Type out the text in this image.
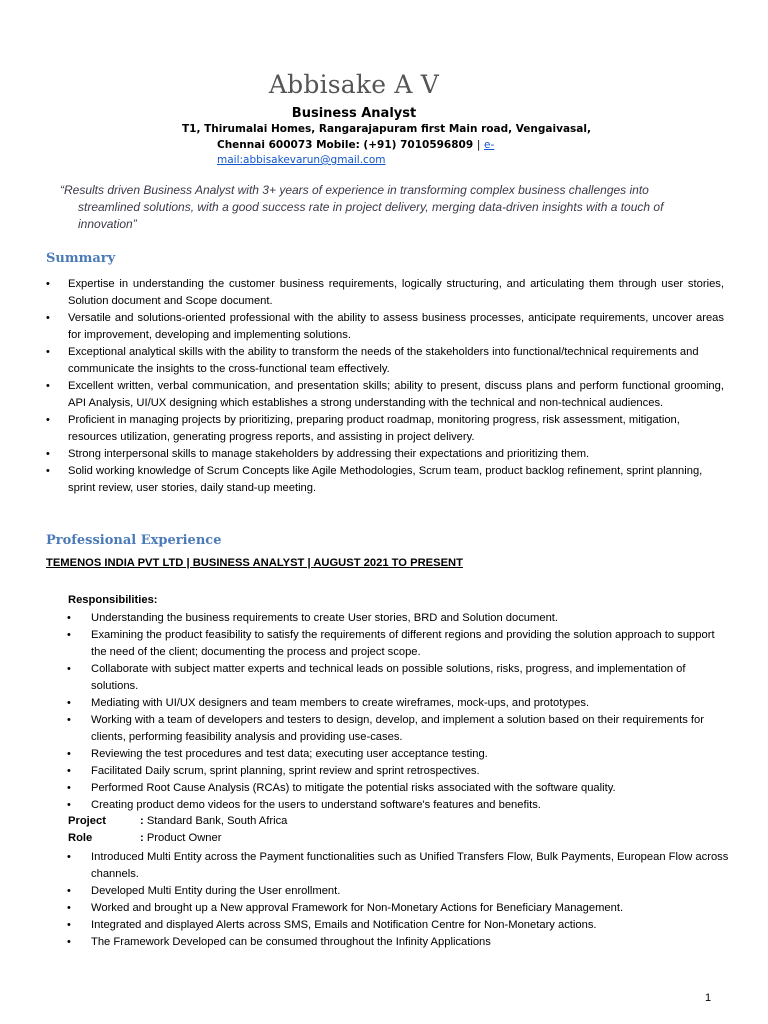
Abbisake A V
Business Analyst
T1, Thirumalai Homes, Rangarajapuram first Main road, Vengaivasal,
Chennai 600073 Mobile: (+91) 7010596809 | e-
mail:abbisakevarun@gmail.com
“Results driven Business Analyst with 3+ years of experience in transforming complex business challenges into
streamlined solutions, with a good success rate in project delivery, merging data-driven insights with a touch of
innovation”
Summary
• Expertise in understanding the customer business requirements, logically structuring, and articulating them through user stories, Solution document and Scope document.
• Versatile and solutions-oriented professional with the ability to assess business processes, anticipate requirements, uncover areas for improvement, developing and implementing solutions.
• Exceptional analytical skills with the ability to transform the needs of the stakeholders into functional/technical requirements and communicate the insights to the cross-functional team effectively.
• Excellent written, verbal communication, and presentation skills; ability to present, discuss plans and perform functional grooming, API Analysis, UI/UX designing which establishes a strong understanding with the technical and non-technical audiences.
• Proficient in managing projects by prioritizing, preparing product roadmap, monitoring progress, risk assessment, mitigation, resources utilization, generating progress reports, and assisting in project delivery.
• Strong interpersonal skills to manage stakeholders by addressing their expectations and prioritizing them.
• Solid working knowledge of Scrum Concepts like Agile Methodologies, Scrum team, product backlog refinement, sprint planning, sprint review, user stories, daily stand-up meeting.
Professional Experience
TEMENOS INDIA PVT LTD | BUSINESS ANALYST | AUGUST 2021 TO PRESENT
Responsibilities:
• Understanding the business requirements to create User stories, BRD and Solution document.
• Examining the product feasibility to satisfy the requirements of different regions and providing the solution approach to support the need of the client; documenting the process and project scope.
• Collaborate with subject matter experts and technical leads on possible solutions, risks, progress, and implementation of solutions.
• Mediating with UI/UX designers and team members to create wireframes, mock-ups, and prototypes.
• Working with a team of developers and testers to design, develop, and implement a solution based on their requirements for clients, performing feasibility analysis and providing use-cases.
• Reviewing the test procedures and test data; executing user acceptance testing.
• Facilitated Daily scrum, sprint planning, sprint review and sprint retrospectives.
• Performed Root Cause Analysis (RCAs) to mitigate the potential risks associated with the software quality.
• Creating product demo videos for the users to understand software's features and benefits.
Project	: Standard Bank, South Africa
Role	: Product Owner
• Introduced Multi Entity across the Payment functionalities such as Unified Transfers Flow, Bulk Payments, European Flow across channels.
• Developed Multi Entity during the User enrollment.
• Worked and brought up a New approval Framework for Non-Monetary Actions for Beneficiary Management.
• Integrated and displayed Alerts across SMS, Emails and Notification Centre for Non-Monetary actions.
• The Framework Developed can be consumed throughout the Infinity Applications
1
